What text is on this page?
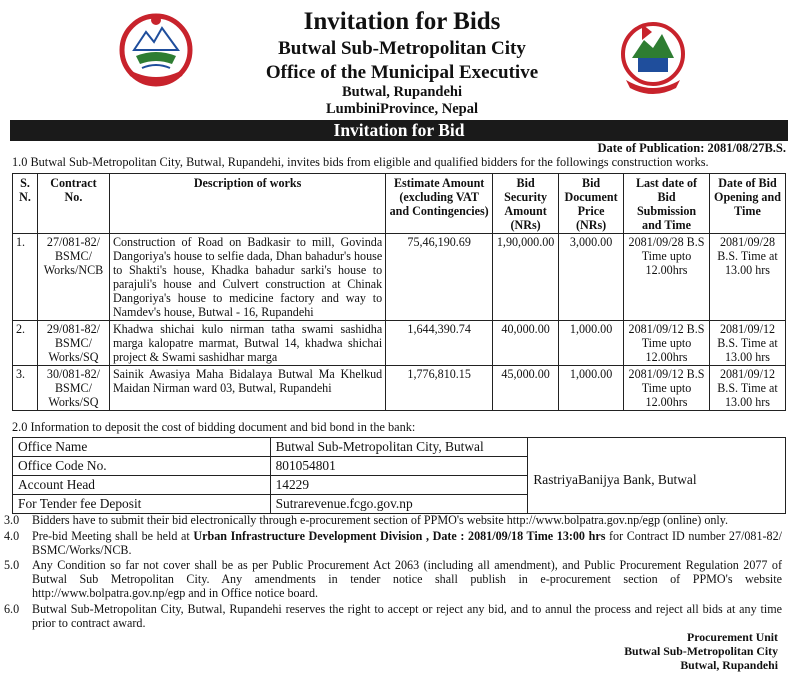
Invitation for Bids
Butwal Sub-Metropolitan City
Office of the Municipal Executive
Butwal, Rupandehi
LumbiniProvince, Nepal
Invitation for Bid
Date of Publication: 2081/08/27B.S.
1.0 Butwal Sub-Metropolitan City, Butwal, Rupandehi, invites bids from eligible and qualified bidders for the followings construction works.
S. N.	Contract No.	Description of works	Estimate Amount (excluding VAT and Contingencies)	Bid Security Amount (NRs)	Bid Document Price (NRs)	Last date of Bid Submission and Time	Date of Bid Opening and Time
1.	27/081-82/ BSMC/ Works/NCB	Construction of Road on Badkasir to mill, Govinda Dangoriya's house to selfie dada, Dhan bahadur's house to Shakti's house, Khadka bahadur sarki's house to parajuli's house and Culvert construction at Chinak Dangoriya's house to medicine factory and way to Namdev's house, Butwal - 16, Rupandehi	75,46,190.69	1,90,000.00	3,000.00	2081/09/28 B.S Time upto 12.00hrs	2081/09/28 B.S. Time at 13.00 hrs
2.	29/081-82/ BSMC/ Works/SQ	Khadwa shichai kulo nirman tatha swami sashidha marga kalopatre marmat, Butwal 14, khadwa shichai project & Swami sashidhar marga	1,644,390.74	40,000.00	1,000.00	2081/09/12 B.S Time upto 12.00hrs	2081/09/12 B.S. Time at 13.00 hrs
3.	30/081-82/ BSMC/ Works/SQ	Sainik Awasiya Maha Bidalaya Butwal Ma Khelkud Maidan Nirman ward 03, Butwal, Rupandehi	1,776,810.15	45,000.00	1,000.00	2081/09/12 B.S Time upto 12.00hrs	2081/09/12 B.S. Time at 13.00 hrs
2.0 Information to deposit the cost of bidding document and bid bond in the bank:
Office Name	Butwal Sub-Metropolitan City, Butwal	RastriyaBanijya Bank, Butwal
Office Code No.	801054801	
Account Head	14229	
For Tender fee Deposit	Sutrarevenue.fcgo.gov.np	
3.0	Bidders have to submit their bid electronically through e-procurement section of PPMO's website http://www.bolpatra.gov.np/egp (online) only.
4.0	Pre-bid Meeting shall be held at Urban Infrastructure Development Division , Date : 2081/09/18 Time 13:00 hrs for Contract ID number 27/081-82/ BSMC/Works/NCB.
5.0	Any Condition so far not cover shall be as per Public Procurement Act 2063 (including all amendment), and Public Procurement Regulation 2077 of Butwal Sub Metropolitan City. Any amendments in tender notice shall publish in e-procurement section of PPMO's website http://www.bolpatra.gov.np/egp and in Office notice board.
6.0	Butwal Sub-Metropolitan City, Butwal, Rupandehi reserves the right to accept or reject any bid, and to annul the process and reject all bids at any time prior to contract award.
Procurement Unit
Butwal Sub-Metropolitan City
Butwal, Rupandehi
